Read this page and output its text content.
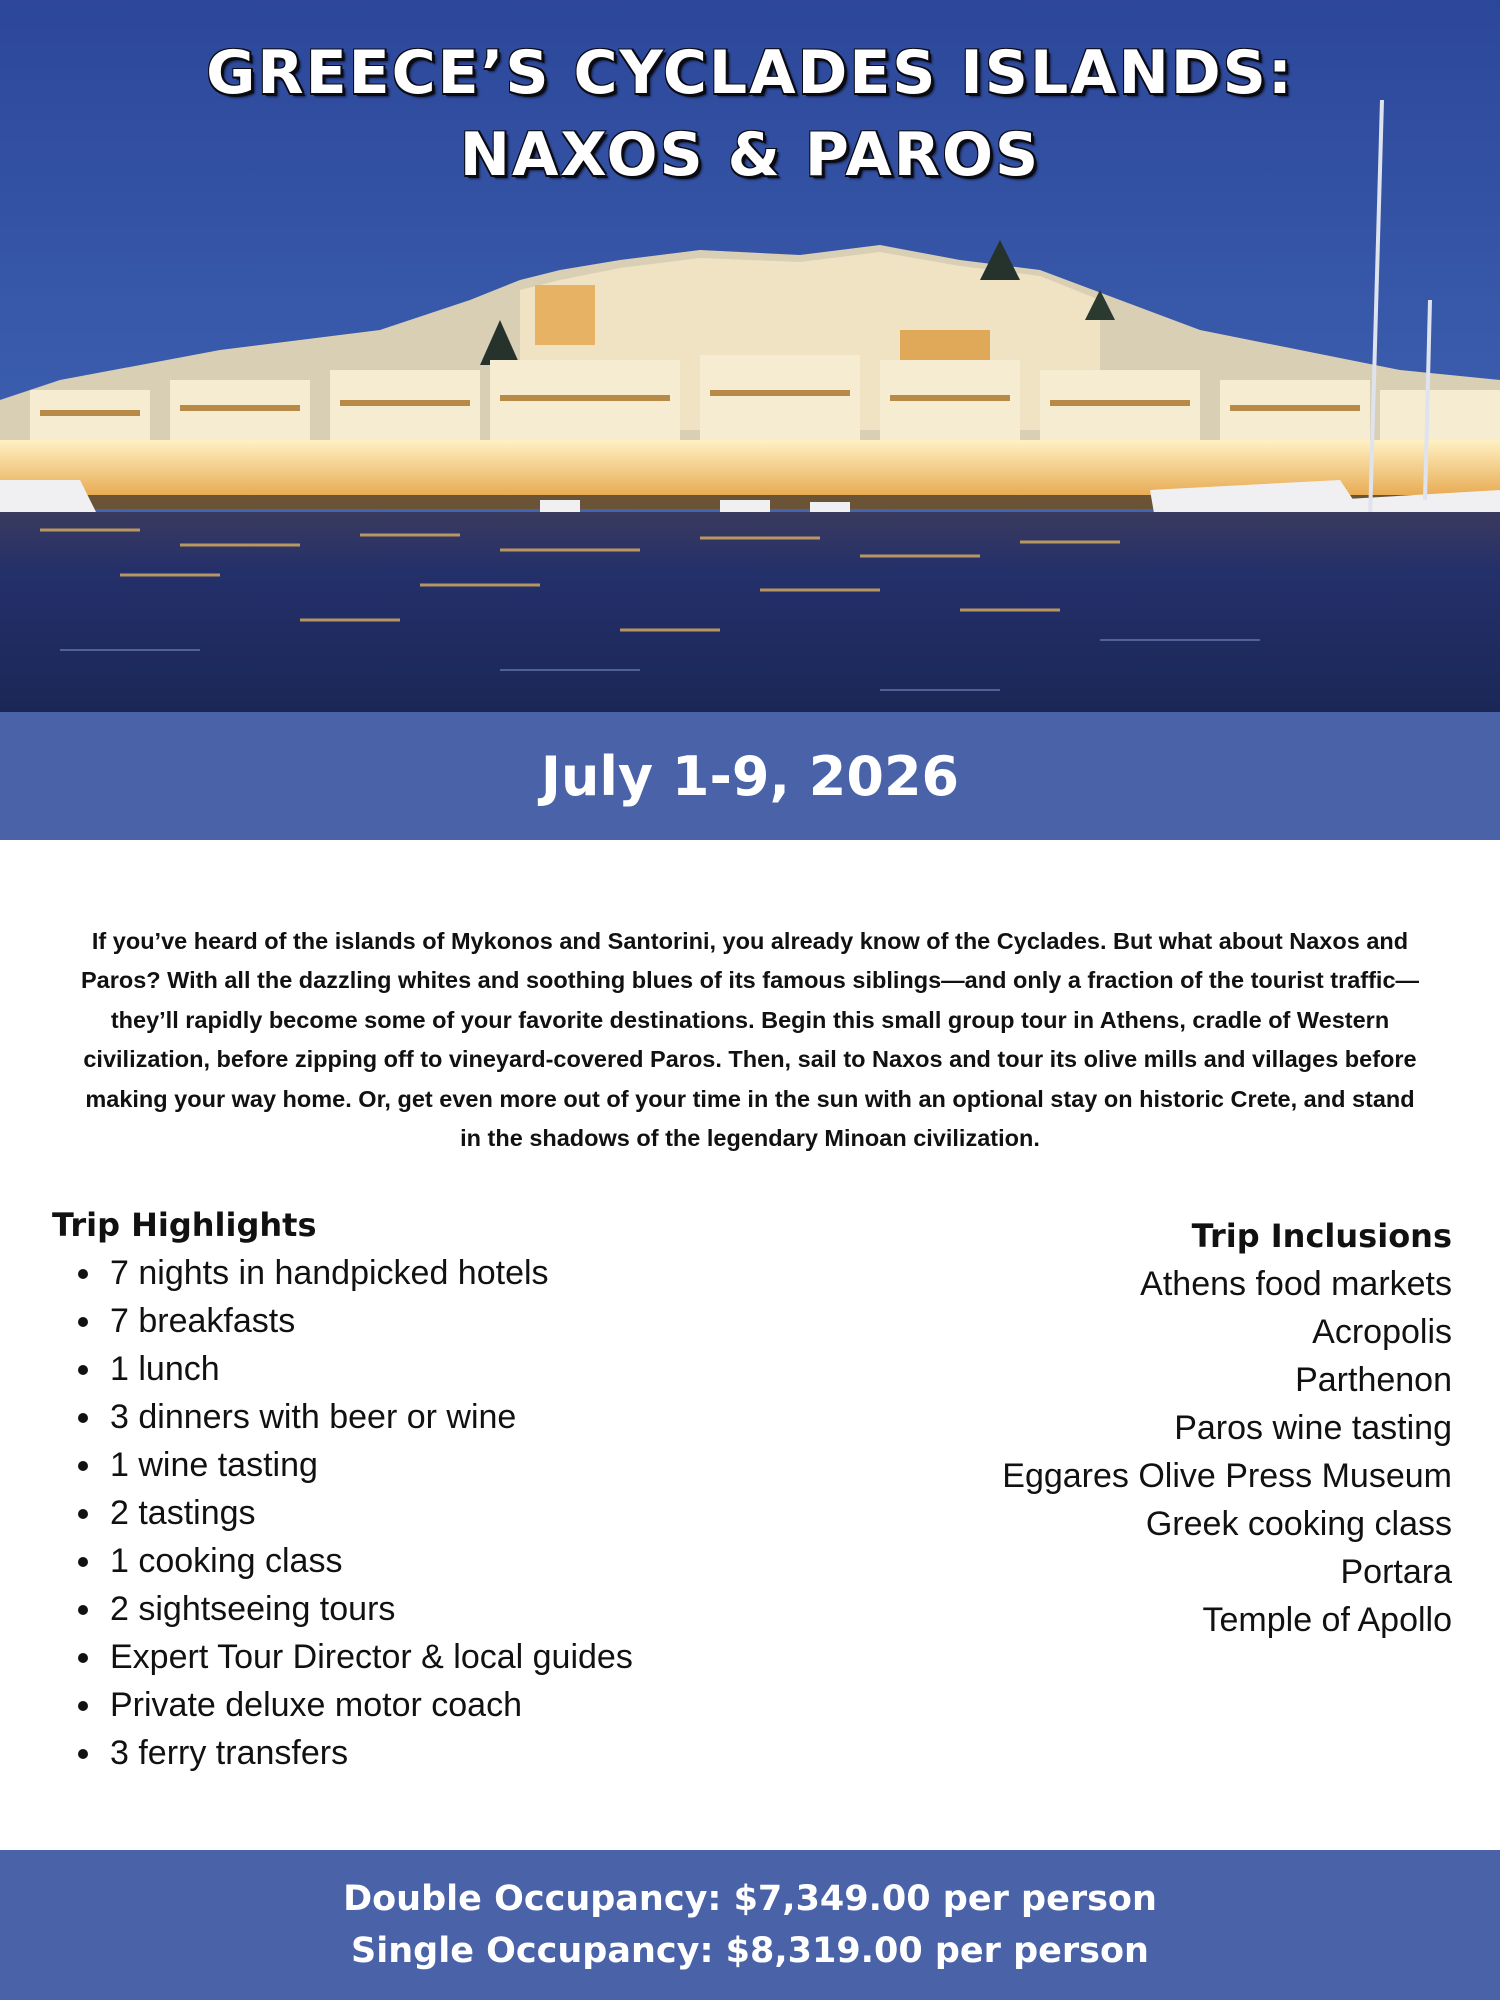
GREECE’S CYCLADES ISLANDS:
NAXOS & PAROS
July 1-9, 2026

If you’ve heard of the islands of Mykonos and Santorini, you already know of the Cyclades. But what about Naxos and Paros? With all the dazzling whites and soothing blues of its famous siblings—and only a fraction of the tourist traffic—they’ll rapidly become some of your favorite destinations. Begin this small group tour in Athens, cradle of Western civilization, before zipping off to vineyard-covered Paros. Then, sail to Naxos and tour its olive mills and villages before making your way home. Or, get even more out of your time in the sun with an optional stay on historic Crete, and stand in the shadows of the legendary Minoan civilization.

Trip Highlights
7 nights in handpicked hotels
7 breakfasts
1 lunch
3 dinners with beer or wine
1 wine tasting
2 tastings
1 cooking class
2 sightseeing tours
Expert Tour Director & local guides
Private deluxe motor coach
3 ferry transfers
Trip Inclusions
Athens food markets
Acropolis
Parthenon
Paros wine tasting
Eggares Olive Press Museum
Greek cooking class
Portara
Temple of Apollo
Double Occupancy: $7,349.00 per person
Single Occupancy: $8,319.00 per person
